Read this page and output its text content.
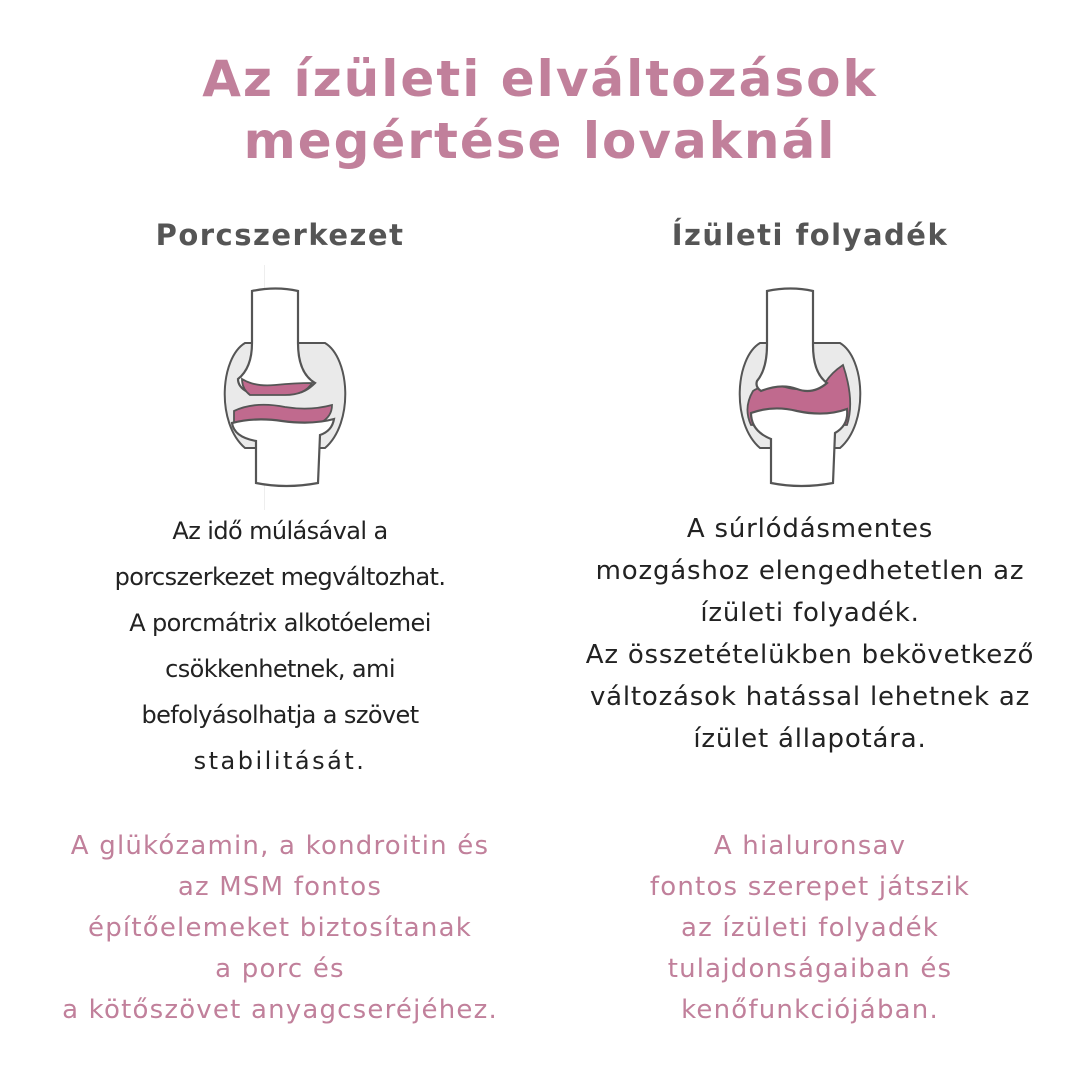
Az ízületi elváltozások
megértése lovaknál
Porcszerkezet

Az idő múlásával a
porcszerkezet megváltozhat.
A porcmátrix alkotóelemei
csökkenhetnek, ami
befolyásolhatja a szövet
stabilitását.

A glükózamin, a kondroitin és
az MSM fontos
építőelemeket biztosítanak
a porc és
a kötőszövet anyagcseréjéhez.

Ízületi folyadék

A súrlódásmentes
mozgáshoz elengedhetetlen az
ízületi folyadék.
Az összetételükben bekövetkező
változások hatással lehetnek az
ízület állapotára.

A hialuronsav
fontos szerepet játszik
az ízületi folyadék
tulajdonságaiban és
kenőfunkciójában.
